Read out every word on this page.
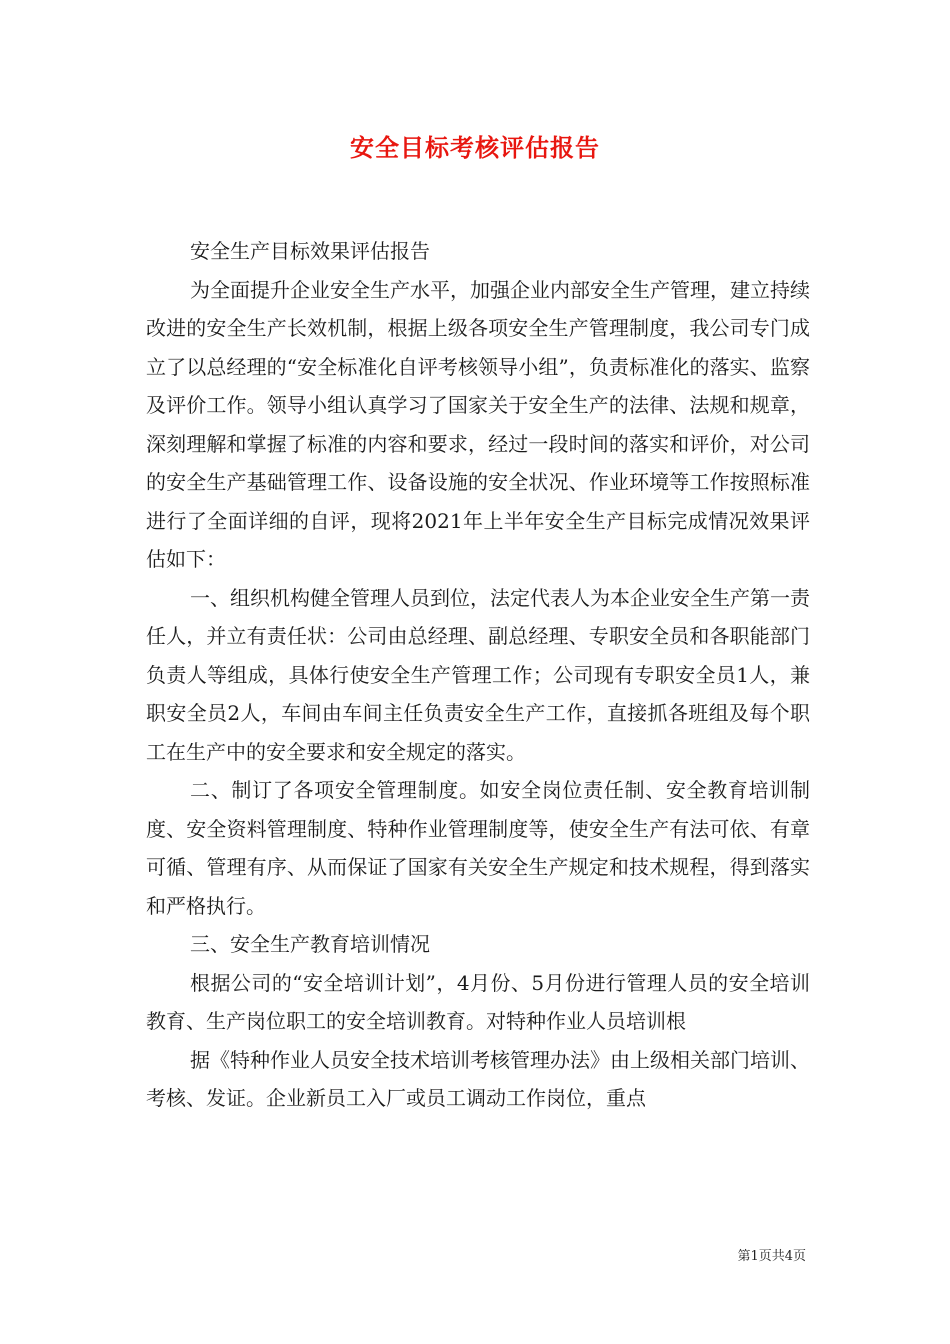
安全目标考核评估报告

安全生产目标效果评估报告

为全面提升企业安全生产水平，加强企业内部安全生产管理，建立持续改进的安全生产长效机制，根据上级各项安全生产管理制度，我公司专门成立了以总经理的“安全标准化自评考核领导小组”，负责标准化的落实、监察及评价工作。领导小组认真学习了国家关于安全生产的法律、法规和规章，深刻理解和掌握了标准的内容和要求，经过一段时间的落实和评价，对公司的安全生产基础管理工作、设备设施的安全状况、作业环境等工作按照标准进行了全面详细的自评，现将2021年上半年安全生产目标完成情况效果评估如下：

一、组织机构健全管理人员到位，法定代表人为本企业安全生产第一责任人，并立有责任状：公司由总经理、副总经理、专职安全员和各职能部门负责人等组成，具体行使安全生产管理工作；公司现有专职安全员1人，兼职安全员2人，车间由车间主任负责安全生产工作，直接抓各班组及每个职工在生产中的安全要求和安全规定的落实。

二、制订了各项安全管理制度。如安全岗位责任制、安全教育培训制度、安全资料管理制度、特种作业管理制度等，使安全生产有法可依、有章可循、管理有序、从而保证了国家有关安全生产规定和技术规程，得到落实和严格执行。

三、安全生产教育培训情况

根据公司的“安全培训计划”，4月份、5月份进行管理人员的安全培训教育、生产岗位职工的安全培训教育。对特种作业人员培训根

据《特种作业人员安全技术培训考核管理办法》由上级相关部门培训、考核、发证。企业新员工入厂或员工调动工作岗位，重点

第1页共4页
